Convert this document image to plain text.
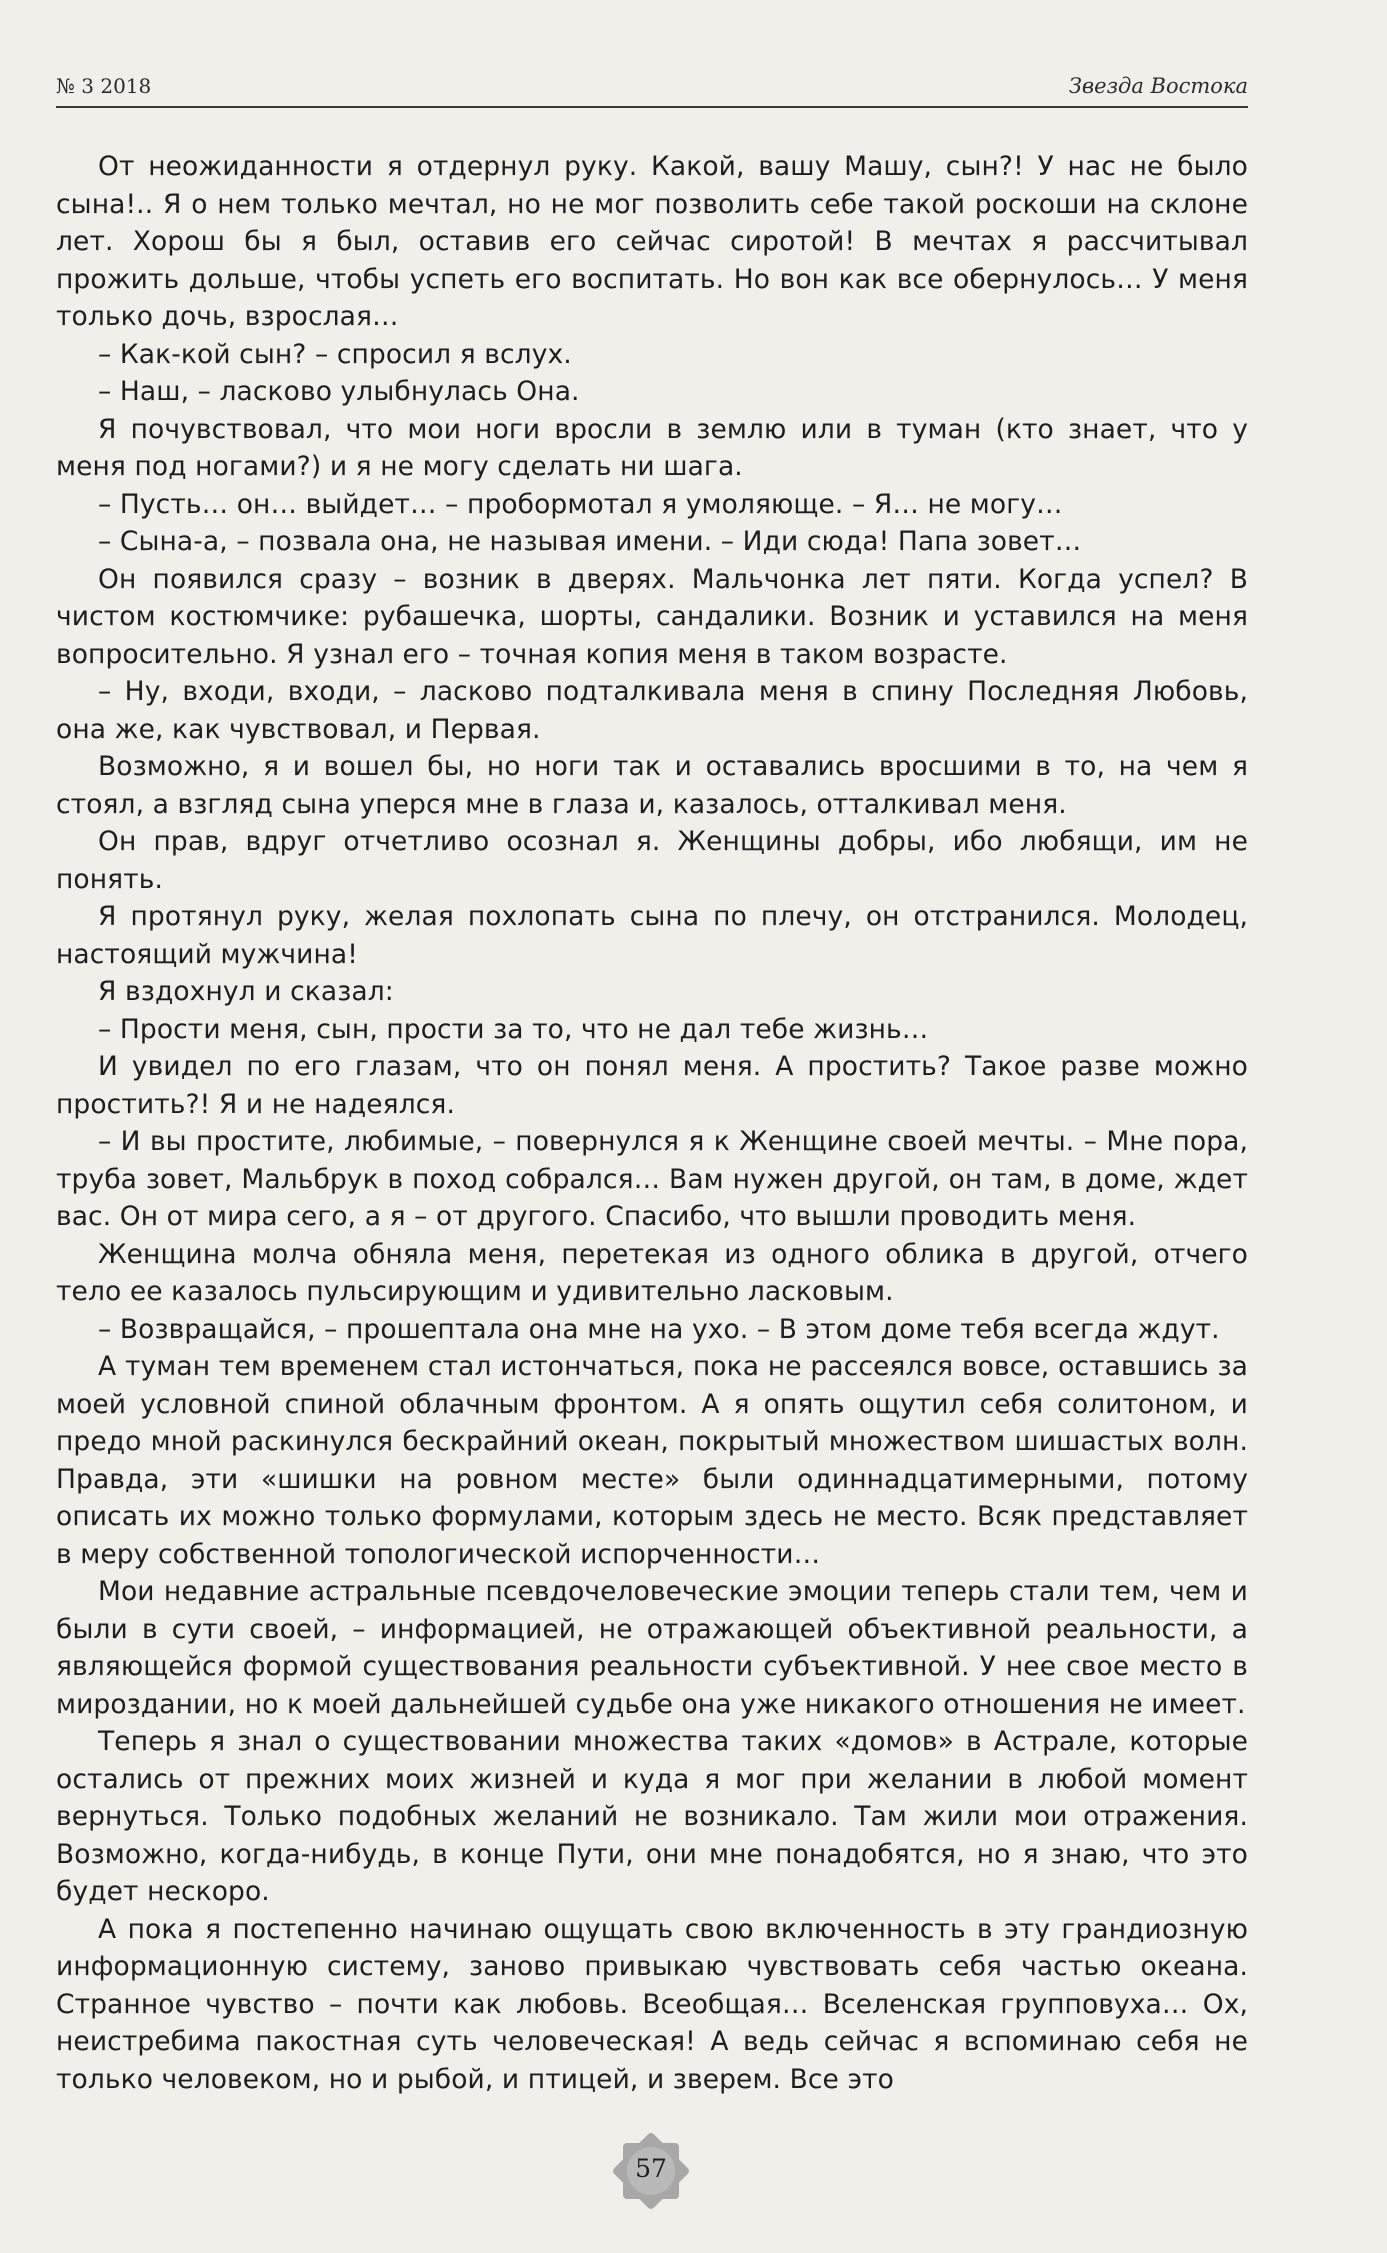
№ 3 2018	Звезда Востока

От неожиданности я отдернул руку. Какой, вашу Машу, сын?! У нас не было сына!.. Я о нем только мечтал, но не мог позволить себе такой роскоши на склоне лет. Хорош бы я был, оставив его сейчас сиротой! В мечтах я рассчитывал прожить дольше, чтобы успеть его воспитать. Но вон как все обернулось… У меня только дочь, взрослая…

– Как-кой сын? – спросил я вслух.

– Наш, – ласково улыбнулась Она.

Я почувствовал, что мои ноги вросли в землю или в туман (кто знает, что у меня под ногами?) и я не могу сделать ни шага.

– Пусть… он… выйдет… – пробормотал я умоляюще. – Я… не могу…

– Сына-а, – позвала она, не называя имени. – Иди сюда! Папа зовет…

Он появился сразу – возник в дверях. Мальчонка лет пяти. Когда успел? В чистом костюмчике: рубашечка, шорты, сандалики. Возник и уставился на меня вопросительно. Я узнал его – точная копия меня в таком возрасте.

– Ну, входи, входи, – ласково подталкивала меня в спину Последняя Любовь, она же, как чувствовал, и Первая.

Возможно, я и вошел бы, но ноги так и оставались вросшими в то, на чем я стоял, а взгляд сына уперся мне в глаза и, казалось, отталкивал меня.

Он прав, вдруг отчетливо осознал я. Женщины добры, ибо любящи, им не понять.

Я протянул руку, желая похлопать сына по плечу, он отстранился. Молодец, настоящий мужчина!

Я вздохнул и сказал:

– Прости меня, сын, прости за то, что не дал тебе жизнь…

И увидел по его глазам, что он понял меня. А простить? Такое разве можно простить?! Я и не надеялся.

– И вы простите, любимые, – повернулся я к Женщине своей мечты. – Мне пора, труба зовет, Мальбрук в поход собрался… Вам нужен другой, он там, в доме, ждет вас. Он от мира сего, а я – от другого. Спасибо, что вышли проводить меня.

Женщина молча обняла меня, перетекая из одного облика в другой, отчего тело ее казалось пульсирующим и удивительно ласковым.

– Возвращайся, – прошептала она мне на ухо. – В этом доме тебя всегда ждут.

А туман тем временем стал истончаться, пока не рассеялся вовсе, оставшись за моей условной спиной облачным фронтом. А я опять ощутил себя солитоном, и предо мной раскинулся бескрайний океан, покрытый множеством шишастых волн. Правда, эти «шишки на ровном месте» были одиннадцатимерными, потому описать их можно только формулами, которым здесь не место. Всяк представляет в меру собственной топологической испорченности…

Мои недавние астральные псевдочеловеческие эмоции теперь стали тем, чем и были в сути своей, – информацией, не отражающей объективной реальности, а являющейся формой существования реальности субъективной. У нее свое место в мироздании, но к моей дальнейшей судьбе она уже никакого отношения не имеет.

Теперь я знал о существовании множества таких «домов» в Астрале, которые остались от прежних моих жизней и куда я мог при желании в любой момент вернуться. Только подобных желаний не возникало. Там жили мои отражения. Возможно, когда-нибудь, в конце Пути, они мне понадобятся, но я знаю, что это будет нескоро.

А пока я постепенно начинаю ощущать свою включенность в эту грандиозную информационную систему, заново привыкаю чувствовать себя частью океана. Странное чувство – почти как любовь. Всеобщая… Вселенская групповуха… Ох, неистребима пакостная суть человеческая! А ведь сейчас я вспоминаю себя не только человеком, но и рыбой, и птицей, и зверем. Все это

57
